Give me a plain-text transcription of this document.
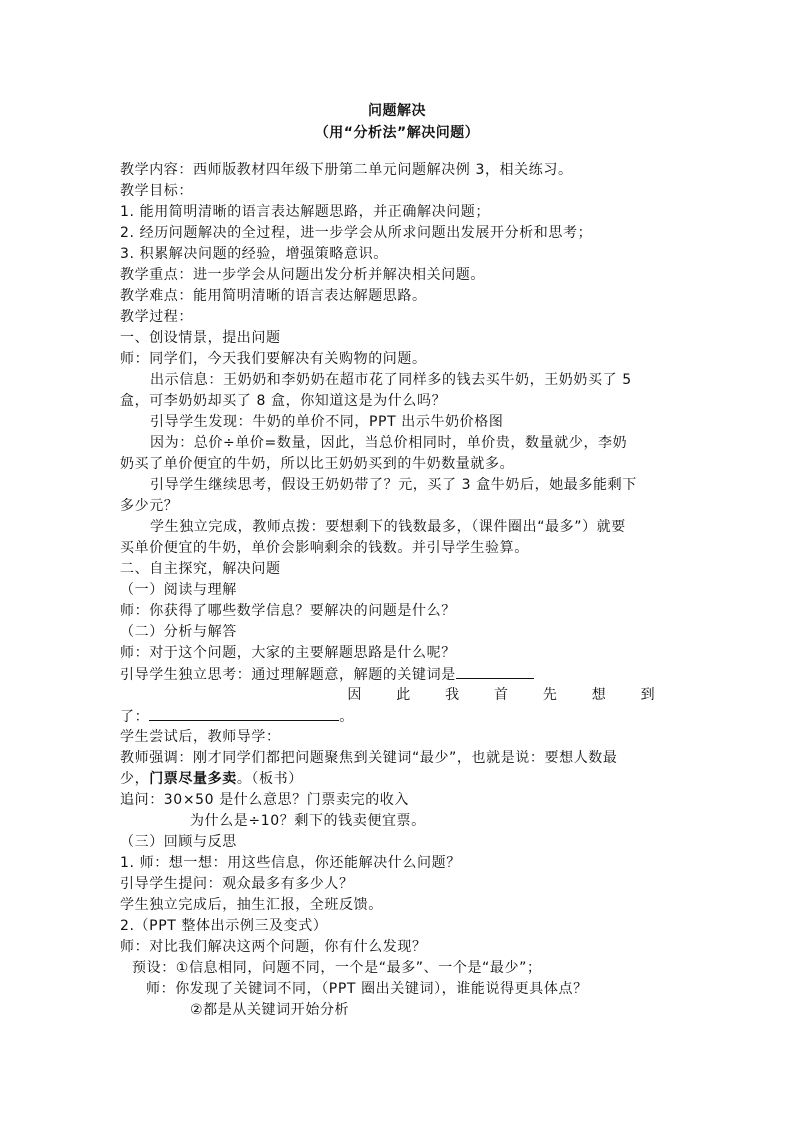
问题解决
（用“分析法”解决问题）
教学内容：西师版教材四年级下册第二单元问题解决例 3，相关练习。
教学目标：
1. 能用简明清晰的语言表达解题思路，并正确解决问题；
2. 经历问题解决的全过程，进一步学会从所求问题出发展开分析和思考；
3. 积累解决问题的经验，增强策略意识。
教学重点：进一步学会从问题出发分析并解决相关问题。
教学难点：能用简明清晰的语言表达解题思路。
教学过程：
一、创设情景，提出问题
师：同学们，今天我们要解决有关购物的问题。
出示信息：王奶奶和李奶奶在超市花了同样多的钱去买牛奶，王奶奶买了 5
盒，可李奶奶却买了 8 盒，你知道这是为什么吗？
引导学生发现：牛奶的单价不同，PPT 出示牛奶价格图
因为：总价÷单价=数量，因此，当总价相同时，单价贵，数量就少，李奶
奶买了单价便宜的牛奶，所以比王奶奶买到的牛奶数量就多。
引导学生继续思考，假设王奶奶带了？元，买了 3 盒牛奶后，她最多能剩下
多少元？
学生独立完成，教师点拨：要想剩下的钱数最多，（课件圈出“最多”）就要
买单价便宜的牛奶，单价会影响剩余的钱数。并引导学生验算。
二、自主探究，解决问题
（一）阅读与理解
师：你获得了哪些数学信息？要解决的问题是什么？
（二）分析与解答
师：对于这个问题，大家的主要解题思路是什么呢？
引导学生独立思考：通过理解题意，解题的关键词是
因	此	我	首	先	想	到
了：	。
学生尝试后，教师导学：
教师强调：刚才同学们都把问题聚焦到关键词“最少”，也就是说：要想人数最
少，门票尽量多卖。（板书）
追问：30×50 是什么意思？门票卖完的收入
为什么是÷10？剩下的钱卖便宜票。
（三）回顾与反思
1. 师：想一想：用这些信息，你还能解决什么问题？
引导学生提问：观众最多有多少人？
学生独立完成后，抽生汇报，全班反馈。
2.（PPT 整体出示例三及变式）
师：对比我们解决这两个问题，你有什么发现？
预设：①信息相同，问题不同，一个是“最多”、一个是“最少”；
师：你发现了关键词不同，（PPT 圈出关键词），谁能说得更具体点？
②都是从关键词开始分析
